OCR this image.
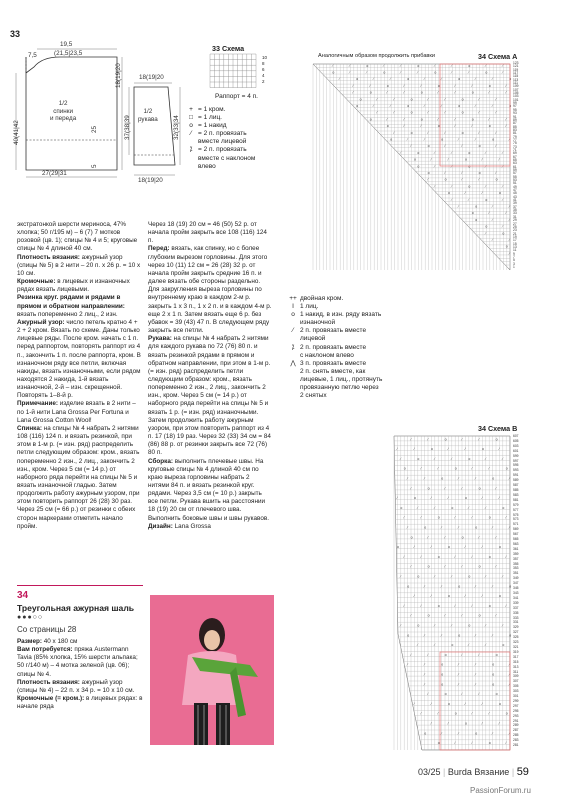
33
19,5
(21,5|23,5
7,5
40(41|42
27(29|31
1/2
спинки
и переда
25
5
18(19|20	18(19|20
1/2
рукава
37(38|39	32(33|34
18(19|20
33 Схема
10
8
6
4
2
Раппорт = 4 п.
+ = 1 кром.
□ = 1 лиц.
o = 1 накид
⁄ = 2 п. провязать
вместе лицевой
⁒ = 2 п. провязать
вместе с наклоном
влево
34 Схема А
Аналогичным образом продолжить прибавки
⁄	⁄	o	⁄	⁄	o	⁄	⁄	o	⁄	⁄
o	⁄	⁄	o	⁄	⁄	o	⁄	⁄	o	⁄
⁄	o	⁄	⁄	o	⁄	⁄	o	⁄	⁄	o
⁄	⁄	o	⁄	⁄	o	⁄	⁄	o	⁄
⁄	o	⁄	⁄	o	⁄	⁄	o	⁄	⁄
o	⁄	⁄	o	⁄	⁄	o	⁄	⁄
o	⁄	⁄	o	⁄	⁄	o	⁄	⁄	o
⁄	⁄	o	⁄	⁄	o	⁄	⁄
o	⁄	⁄	o	⁄	⁄	o	⁄	⁄
o	⁄	⁄	o	⁄	⁄	o	⁄
⁄	o	⁄	⁄	o	⁄	⁄
o	⁄	⁄	o	⁄	⁄	o	⁄
⁄	o	⁄	⁄	o	⁄
⁄	o	⁄	⁄	o	⁄	⁄
o	⁄	⁄	o	⁄	⁄
o	⁄	⁄	o	⁄	⁄
o	⁄	⁄	o	⁄
⁄	o	⁄	⁄	o
⁄	⁄	o	⁄	⁄
o	⁄	⁄	o
⁄	⁄	o	⁄
⁄	o	⁄	⁄
o	⁄	⁄
o	⁄	⁄
o	⁄
⁄	o
⁄	⁄
o
⁄
123
121
119
117
115
113
111
109
107
105
103
101
99
97
95
93
91
89
87
85
83
81
79
77
75
73
71
69
67
65
63
61
59
57
55
53
51
49
47
45
43
41
39
37
35
33
31
29
27
25
23
21
19
17
15
13
11
9
7
5
3
1
++ двойная кром.
I 1 лиц.
o 1 накид, в изн. ряду вязать
изнаночной
⁄ 2 п. провязать вместе
лицевой
⁒ 2 п. провязать вместе
с наклоном влево
⋀ 3 п. провязать вместе
2 п. снять вместе, как
лицевые, 1 лиц., протянуть
провязанную петлю через
2 снятых
34 Схема В
⁄	⁄	o	⁄	⁄	o
⁄	⁄	o	⁄	⁄	o	⁄
⁄	o	⁄	⁄	o	⁄	⁄
o	⁄	⁄	o	⁄	⁄	o
⁄	⁄	o	⁄	⁄	o	⁄
⁄	o	⁄	⁄	o	⁄
⁄	o	⁄	⁄	o	⁄	⁄
o	⁄	⁄	o	⁄	⁄	o
⁄	⁄	o	⁄	⁄	o	⁄
⁄	o	⁄	⁄	o	⁄	⁄
o	⁄	⁄	o	⁄	⁄
o	⁄	⁄	o	⁄	⁄	o
⁄	⁄	o	⁄	⁄	o	⁄
⁄	o	⁄	⁄	o	⁄
⁄	o	⁄	⁄	o	⁄	⁄
o	⁄	⁄	o	⁄	⁄	o
⁄	⁄	o	⁄	⁄	o
⁄	⁄	o	⁄	⁄	o	⁄
⁄	o	⁄	⁄	o	⁄
⁄	o	⁄	⁄	o	⁄	⁄
o	⁄	⁄	o	⁄	⁄	o
⁄	⁄	o	⁄	⁄	o
⁄	⁄	o	⁄	⁄	o
⁄	⁄	o	⁄	⁄	o	⁄
⁄	o	⁄	⁄	o	⁄
⁄	o	⁄	⁄	o	⁄
⁄	o	⁄	⁄	o
⁄	⁄	o	⁄	⁄	o
⁄	⁄	o	⁄	⁄	o
⁄	⁄	o	⁄	⁄
o	⁄	⁄	o	⁄	⁄
o	⁄	⁄	o	⁄
607
605
603
601
599
597
595
593
591
589
587
585
583
581
579
577
575
573
571
569
567
565
563
361
359
357
355
353
351
349
347
345
343
341
339
337
335
333
331
329
327
325
323
321
319
317
315
313
311
309
307
305
303
301
299
297
295
293
291
289
287
285
283
281

экстратонкой шерсти мериноса, 47% хлопка; 50 г/195 м) – 6 (7) 7 мотков розовой (цв. 1); спицы № 4 и 5; круговые спицы № 4 длиной 40 см.

Плотность вязания: ажурный узор (спицы № 5) в 2 нити – 20 п. х 26 р. = 10 х 10 см.

Кромочные: в лицевых и изнаночных рядах вязать лицевыми.

Резинка круг. рядами и рядами в прямом и обратном направлении: вязать попеременно 2 лиц., 2 изн.

Ажурный узор: число петель кратно 4 + 2 + 2 кром. Вязать по схеме. Даны только лицевые ряды. После кром. начать с 1 п. перед раппортом, повторять раппорт из 4 п., закончить 1 п. после раппорта, кром. В изнаночном ряду все петли, включая накиды, вязать изнаночными, если рядом находятся 2 накида, 1-й вязать изнаночной, 2-й – изн. скрещенной. Повторять 1–8-й р.

Примечание: изделие вязать в 2 нити – по 1-й нити Lana Grossa Per Fortuna и Lana Grossa Cotton Wool!

Спинка: на спицы № 4 набрать 2 нитями 108 (116) 124 п. и вязать резинкой, при этом в 1-м р. (= изн. ряд) распределить петли следующим образом: кром., вязать попеременно 2 изн., 2 лиц., закончить 2 изн., кром. Через 5 см (= 14 р.) от наборного ряда перейти на спицы № 5 и вязать изнаночной гладью. Затем продолжить работу ажурным узором, при этом повторить раппорт 26 (28) 30 раз. Через 25 см (= 66 р.) от резинки с обеих сторон маркерами отметить начало пройм.

Через 18 (19) 20 см = 46 (50) 52 р. от начала пройм закрыть все 108 (116) 124 п.

Перед: вязать, как спинку, но с более глубоким вырезом горловины. Для этого через 10 (11) 12 см = 26 (28) 32 р. от начала пройм закрыть средние 16 п. и далее вязать обе стороны раздельно. Для закругления выреза горловины по внутреннему краю в каждом 2-м р. закрыть 1 х 3 п., 1 х 2 п. и в каждом 4-м р. еще 2 х 1 п. Затем вязать еще 6 р. без убавок = 39 (43) 47 п. В следующем ряду закрыть все петли.

Рукава: на спицы № 4 набрать 2 нитями для каждого рукава по 72 (76) 80 п. и вязать резинкой рядами в прямом и обратном направлении, при этом в 1-м р. (= изн. ряд) распределить петли следующим образом: кром., вязать попеременно 2 изн., 2 лиц., закончить 2 изн., кром. Через 5 см (= 14 р.) от наборного ряда перейти на спицы № 5 и вязать 1 р. (= изн. ряд) изнаночными. Затем продолжить работу ажурным узором, при этом повторить раппорт из 4 п. 17 (18) 19 раз. Через 32 (33) 34 см = 84 (86) 88 р. от резинки закрыть все 72 (76) 80 п.

Сборка: выполнить плечевые швы. На круговые спицы № 4 длиной 40 см по краю выреза горловины набрать 2 нитями 84 п. и вязать резинкой круг. рядами. Через 3,5 см (= 10 р.) закрыть все петли. Рукава вшить на расстоянии 18 (19) 20 см от плечевого шва. Выполнить боковые швы и швы рукавов.

Дизайн: Lana Grossa

34
Треугольная ажурная шаль
●●●○○
Со страницы 28

Размер: 40 х 180 см

Вам потребуется: пряжа Austermann Tavia (85% хлопка, 15% шерсти альпака; 50 г/140 м) – 4 мотка зеленой (цв. 06); спицы № 4.

Плотность вязания: ажурный узор (спицы № 4) – 22 п. х 34 р. = 10 х 10 см.

Кромочные (= кром.): в лицевых рядах: в начале ряда

03/25 | Burda Вязание | 59
PassionForum.ru
